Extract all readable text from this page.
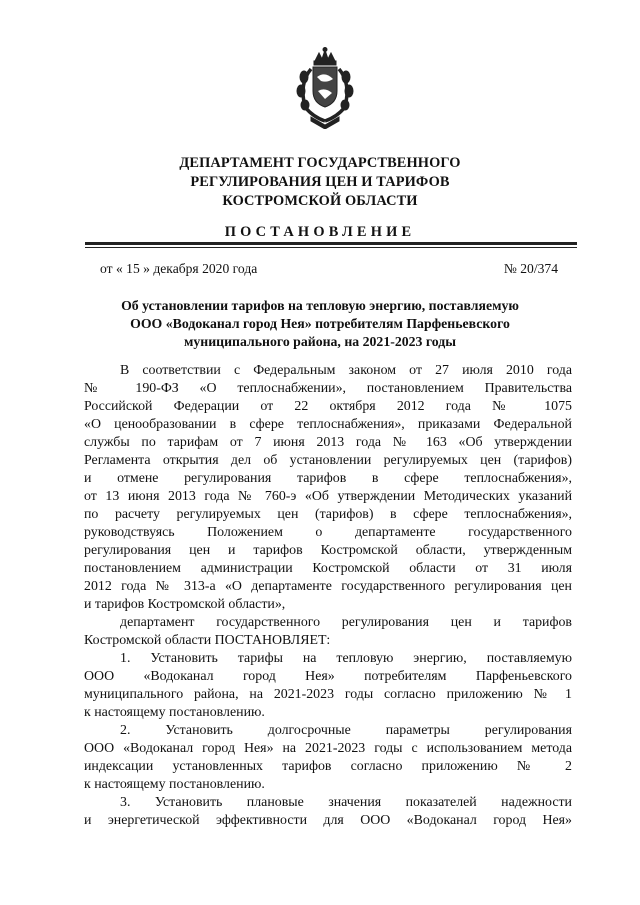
ДЕПАРТАМЕНТ ГОСУДАРСТВЕННОГО
РЕГУЛИРОВАНИЯ ЦЕН И ТАРИФОВ
КОСТРОМСКОЙ ОБЛАСТИ
ПОСТАНОВЛЕНИЕ
от « 15 » декабря 2020 года	№ 20/374
Об установлении тарифов на тепловую энергию, поставляемую
ООО «Водоканал город Нея» потребителям Парфеньевского
муниципального района, на 2021-2023 годы
В соответствии с Федеральным законом от 27 июля 2010 года
№ 190-ФЗ «О теплоснабжении», постановлением Правительства
Российской Федерации от 22 октября 2012 года № 1075
«О ценообразовании в сфере теплоснабжения», приказами Федеральной
службы по тарифам от 7 июня 2013 года № 163 «Об утверждении
Регламента открытия дел об установлении регулируемых цен (тарифов)
и отмене регулирования тарифов в сфере теплоснабжения»,
от 13 июня 2013 года № 760-э «Об утверждении Методических указаний
по расчету регулируемых цен (тарифов) в сфере теплоснабжения»,
руководствуясь Положением о департаменте государственного
регулирования цен и тарифов Костромской области, утвержденным
постановлением администрации Костромской области от 31 июля
2012 года № 313-а «О департаменте государственного регулирования цен
и тарифов Костромской области»,
департамент государственного регулирования цен и тарифов
Костромской области ПОСТАНОВЛЯЕТ:
1. Установить тарифы на тепловую энергию, поставляемую
ООО «Водоканал город Нея» потребителям Парфеньевского
муниципального района, на 2021-2023 годы согласно приложению № 1
к настоящему постановлению.
2. Установить долгосрочные параметры регулирования
ООО «Водоканал город Нея» на 2021-2023 годы с использованием метода
индексации установленных тарифов согласно приложению № 2
к настоящему постановлению.
3. Установить плановые значения показателей надежности
и энергетической эффективности для ООО «Водоканал город Нея»
